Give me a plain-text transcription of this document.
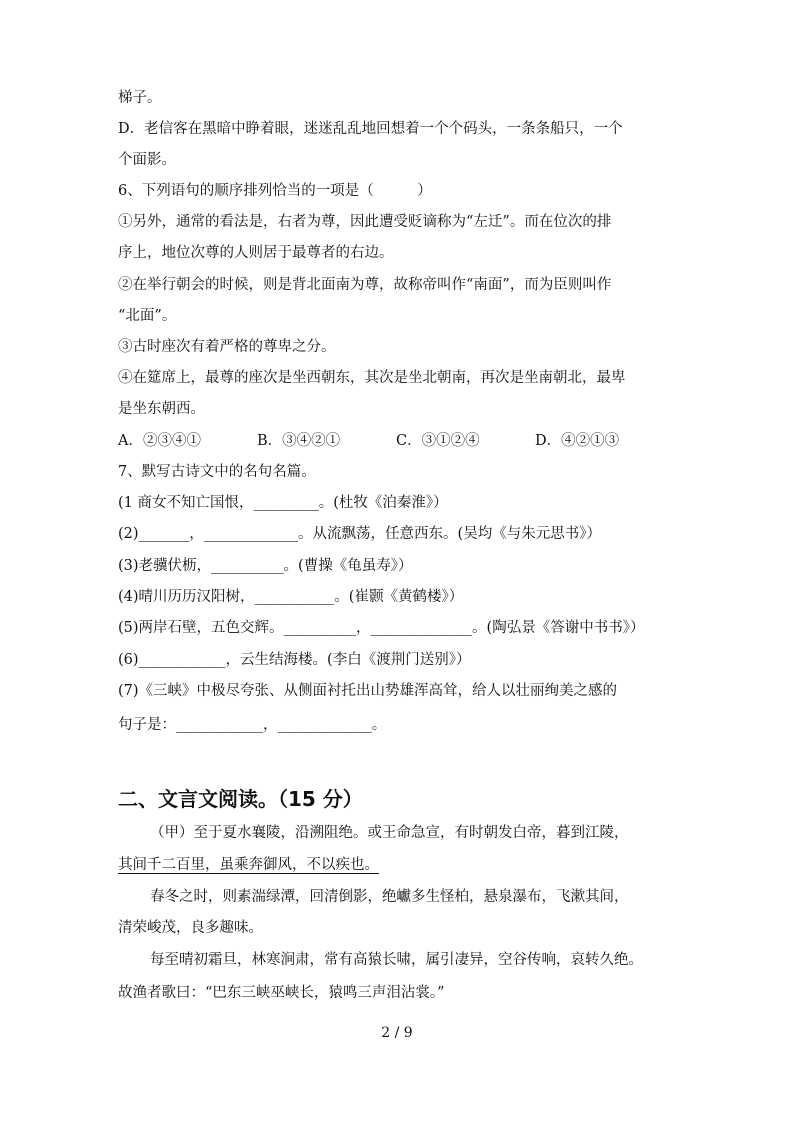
梯子。
D．老信客在黑暗中睁着眼，迷迷乱乱地回想着一个个码头，一条条船只，一个
个面影。
6、下列语句的顺序排列恰当的一项是（　　　）
①另外，通常的看法是，右者为尊，因此遭受贬谪称为“左迁”。而在位次的排
序上，地位次尊的人则居于最尊者的右边。
②在举行朝会的时候，则是背北面南为尊，故称帝叫作“南面”，而为臣则叫作
“北面”。
③古时座次有着严格的尊卑之分。
④在筵席上，最尊的座次是坐西朝东，其次是坐北朝南，再次是坐南朝北，最卑
是坐东朝西。
A．②③④①	B．③④②①	C．③①②④	D．④②①③
7、默写古诗文中的名句名篇。
(1 商女不知亡国恨，_________。(杜牧《泊秦淮》）
(2)_______，_____________。从流飘荡，任意西东。(吴均《与朱元思书》）
(3)老骥伏枥，__________。(曹操《龟虽寿》）
(4)晴川历历汉阳树，___________。(崔颢《黄鹤楼》）
(5)两岸石壁，五色交辉。__________，______________。(陶弘景《答谢中书书》）
(6)____________，云生结海楼。(李白《渡荆门送别》）
(7)《三峡》中极尽夸张、从侧面衬托出山势雄浑高耸，给人以壮丽绚美之感的
句子是：____________，_____________。
二、文言文阅读。（15 分）
（甲）至于夏水襄陵，沿溯阻绝。或王命急宣，有时朝发白帝，暮到江陵，
其间千二百里，虽乘奔御风，不以疾也。
春冬之时，则素湍绿潭，回清倒影，绝巘多生怪柏，悬泉瀑布，飞漱其间，
清荣峻茂，良多趣味。
每至晴初霜旦，林寒涧肃，常有高猿长啸，属引凄异，空谷传响，哀转久绝。
故渔者歌曰：“巴东三峡巫峡长，猿鸣三声泪沾裳。”
2 / 9
